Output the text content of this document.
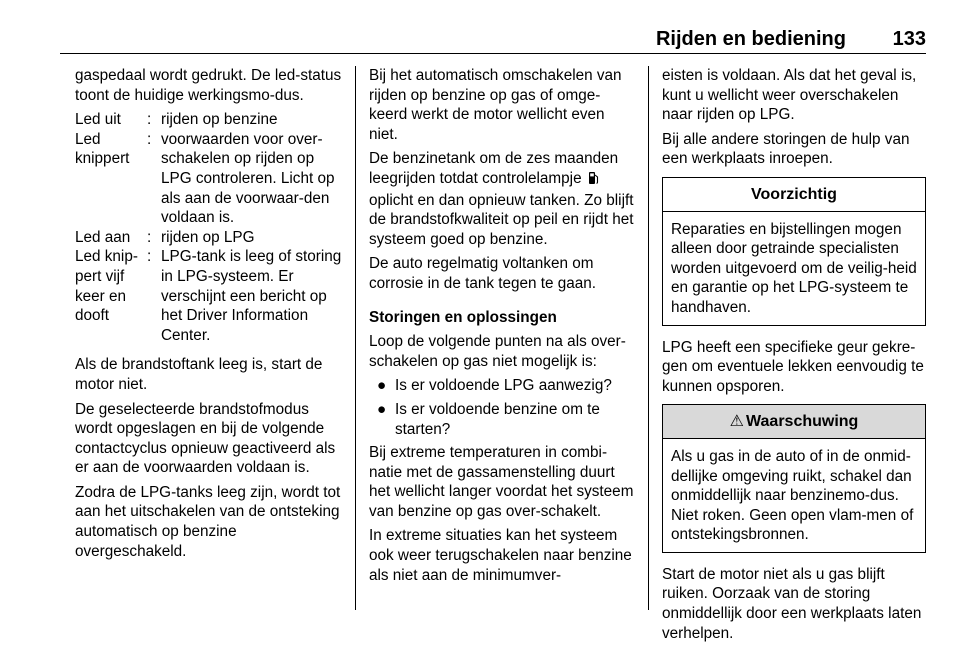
Rijden en bediening 133

gaspedaal wordt gedrukt. De led-status toont de huidige werkingsmo-dus.

Led uit	: rijden op benzine
Led knippert
: voorwaarden voor over-schakelen op rijden op LPG controleren. Licht op als aan de voorwaar-den voldaan is.
Led aan	: rijden op LPG
Led knip-pert vijf keer en dooft
: LPG-tank is leeg of storing in LPG-systeem. Er verschijnt een bericht op het Driver Information Center.

Als de brandstoftank leeg is, start de motor niet.

De geselecteerde brandstofmodus wordt opgeslagen en bij de volgende contactcyclus opnieuw geactiveerd als er aan de voorwaarden voldaan is.

Zodra de LPG-tanks leeg zijn, wordt tot aan het uitschakelen van de ontsteking automatisch op benzine overgeschakeld.

Bij het automatisch omschakelen van rijden op benzine op gas of omge-keerd werkt de motor wellicht even niet.

De benzinetank om de zes maanden leegrijden totdat controlelampje  oplicht en dan opnieuw tanken. Zo blijft de brandstofkwaliteit op peil en rijdt het systeem goed op benzine.

De auto regelmatig voltanken om corrosie in de tank tegen te gaan.

Storingen en oplossingen

Loop de volgende punten na als over-schakelen op gas niet mogelijk is:

● Is er voldoende LPG aanwezig?
● Is er voldoende benzine om te starten?

Bij extreme temperaturen in combi-natie met de gassamenstelling duurt het wellicht langer voordat het systeem van benzine op gas over-schakelt.

In extreme situaties kan het systeem ook weer terugschakelen naar benzine als niet aan de minimumver-

eisten is voldaan. Als dat het geval is, kunt u wellicht weer overschakelen naar rijden op LPG.

Bij alle andere storingen de hulp van een werkplaats inroepen.

Voorzichtig
Reparaties en bijstellingen mogen alleen door getrainde specialisten worden uitgevoerd om de veilig-heid en garantie op het LPG-systeem te handhaven.

LPG heeft een specifieke geur gekre-gen om eventuele lekken eenvoudig te kunnen opsporen.

⚠ Waarschuwing
Als u gas in de auto of in de onmid-dellijke omgeving ruikt, schakel dan onmiddellijk naar benzinemo-dus. Niet roken. Geen open vlam-men of ontstekingsbronnen.

Start de motor niet als u gas blijft ruiken. Oorzaak van de storing onmiddellijk door een werkplaats laten verhelpen.
